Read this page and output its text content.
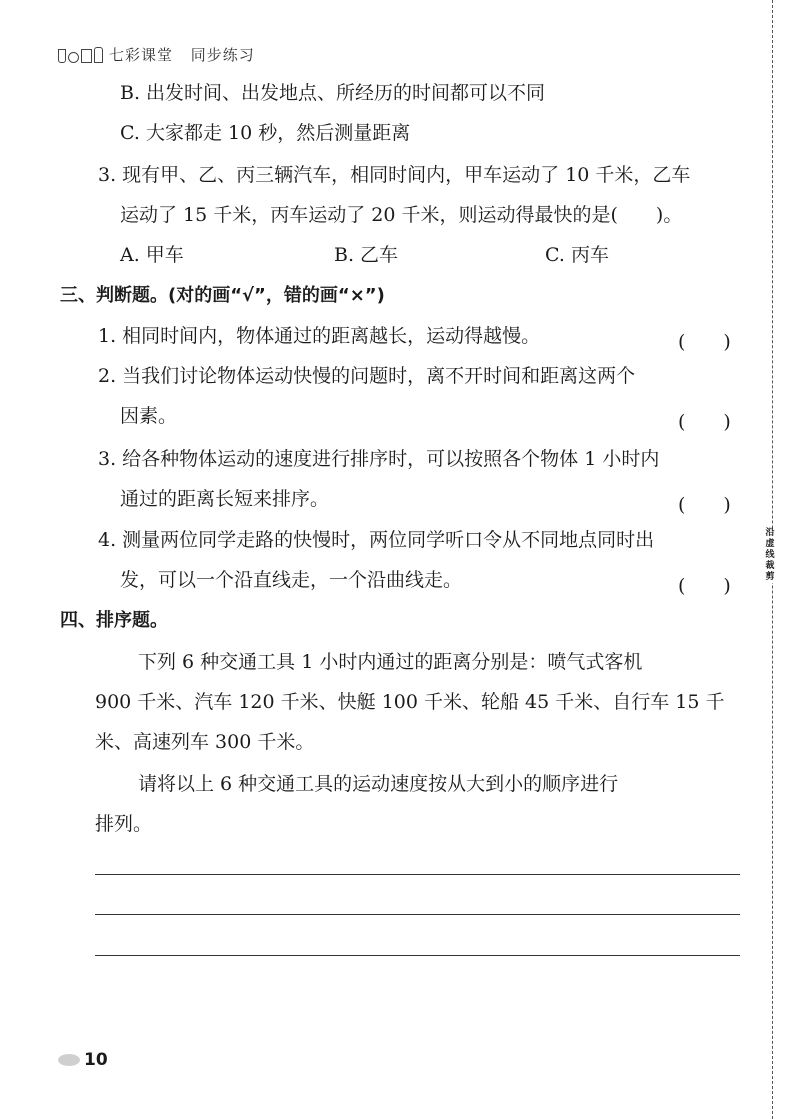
七彩课堂 同步练习
B. 出发时间、出发地点、所经历的时间都可以不同
C. 大家都走 10 秒，然后测量距离
3. 现有甲、乙、丙三辆汽车，相同时间内，甲车运动了 10 千米，乙车
运动了 15 千米，丙车运动了 20 千米，则运动得最快的是(　　)。
A. 甲车	B. 乙车	C. 丙车
三、判断题。(对的画“√”，错的画“×”)
1. 相同时间内，物体通过的距离越长，运动得越慢。	(　　)
2. 当我们讨论物体运动快慢的问题时，离不开时间和距离这两个
因素。	(　　)
3. 给各种物体运动的速度进行排序时，可以按照各个物体 1 小时内
通过的距离长短来排序。	(　　)
4. 测量两位同学走路的快慢时，两位同学听口令从不同地点同时出
发，可以一个沿直线走，一个沿曲线走。	(　　)
四、排序题。
下列 6 种交通工具 1 小时内通过的距离分别是：喷气式客机
900 千米、汽车 120 千米、快艇 100 千米、轮船 45 千米、自行车 15 千
米、高速列车 300 千米。
请将以上 6 种交通工具的运动速度按从大到小的顺序进行
排列。
沿虚线裁剪
10
